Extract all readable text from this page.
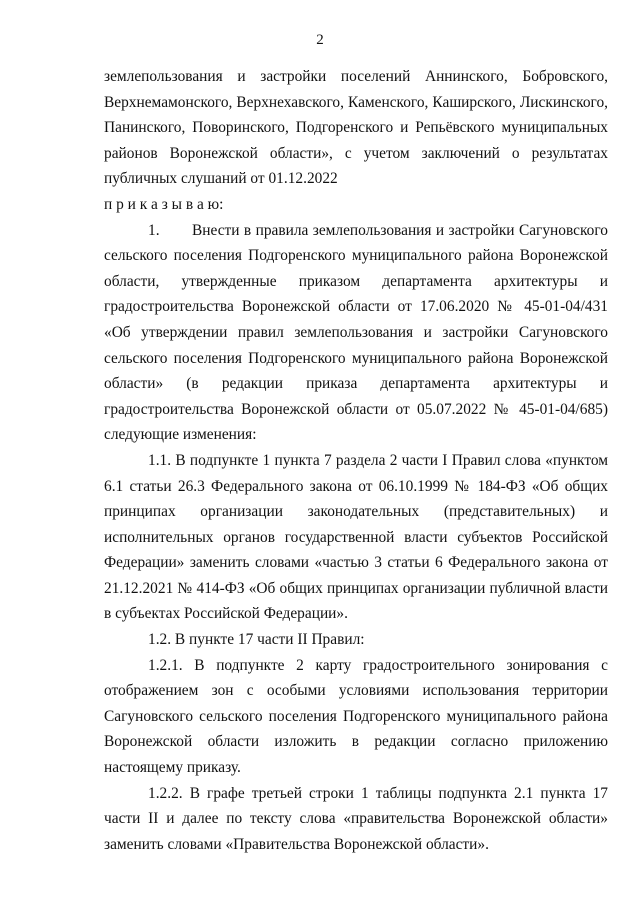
2

землепользования и застройки поселений Аннинского, Бобровского, Верхнемамонского, Верхнехавского, Каменского, Каширского, Лискинского, Панинского, Поворинского, Подгоренского и Репьёвского муниципальных районов Воронежской области», с учетом заключений о результатах публичных слушаний от 01.12.2022

п р и к а з ы в а ю:

1. Внести в правила землепользования и застройки Сагуновского сельского поселения Подгоренского муниципального района Воронежской области, утвержденные приказом департамента архитектуры и градостроительства Воронежской области от 17.06.2020 № 45-01-04/431 «Об утверждении правил землепользования и застройки Сагуновского сельского поселения Подгоренского муниципального района Воронежской области» (в редакции приказа департамента архитектуры и градостроительства Воронежской области от 05.07.2022 № 45-01-04/685) следующие изменения:

1.1. В подпункте 1 пункта 7 раздела 2 части I Правил слова «пунктом 6.1 статьи 26.3 Федерального закона от 06.10.1999 № 184-ФЗ «Об общих принципах организации законодательных (представительных) и исполнительных органов государственной власти субъектов Российской Федерации» заменить словами «частью 3 статьи 6 Федерального закона от 21.12.2021 № 414-ФЗ «Об общих принципах организации публичной власти в субъектах Российской Федерации».

1.2. В пункте 17 части II Правил:

1.2.1. В подпункте 2 карту градостроительного зонирования с отображением зон с особыми условиями использования территории Сагуновского сельского поселения Подгоренского муниципального района Воронежской области изложить в редакции согласно приложению настоящему приказу.

1.2.2. В графе третьей строки 1 таблицы подпункта 2.1 пункта 17 части II и далее по тексту слова «правительства Воронежской области» заменить словами «Правительства Воронежской области».
